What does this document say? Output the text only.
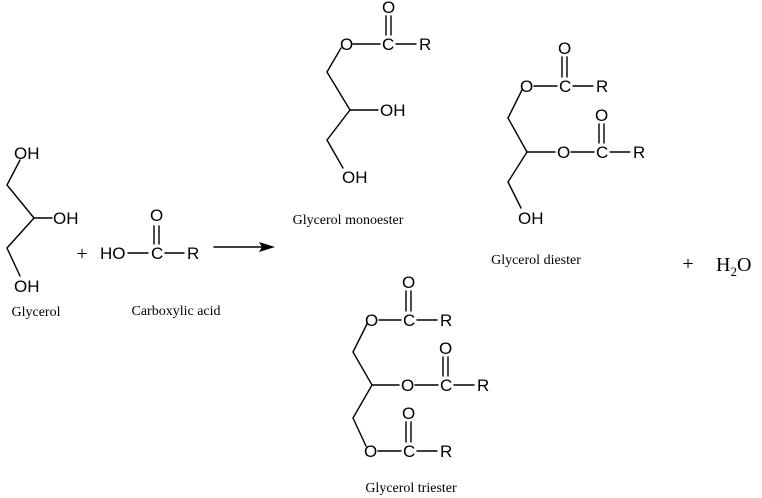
OH
OH
OH
Glycerol
+ HO C
O
R
Carboxylic acid
O C
O
R
OH
OH
Glycerol monoester
O C
O
R
O C
O
R
OH
Glycerol diester	+ $H_2O$
O C
O
R
O C
O
R
O C
O
R
Glycerol triester
